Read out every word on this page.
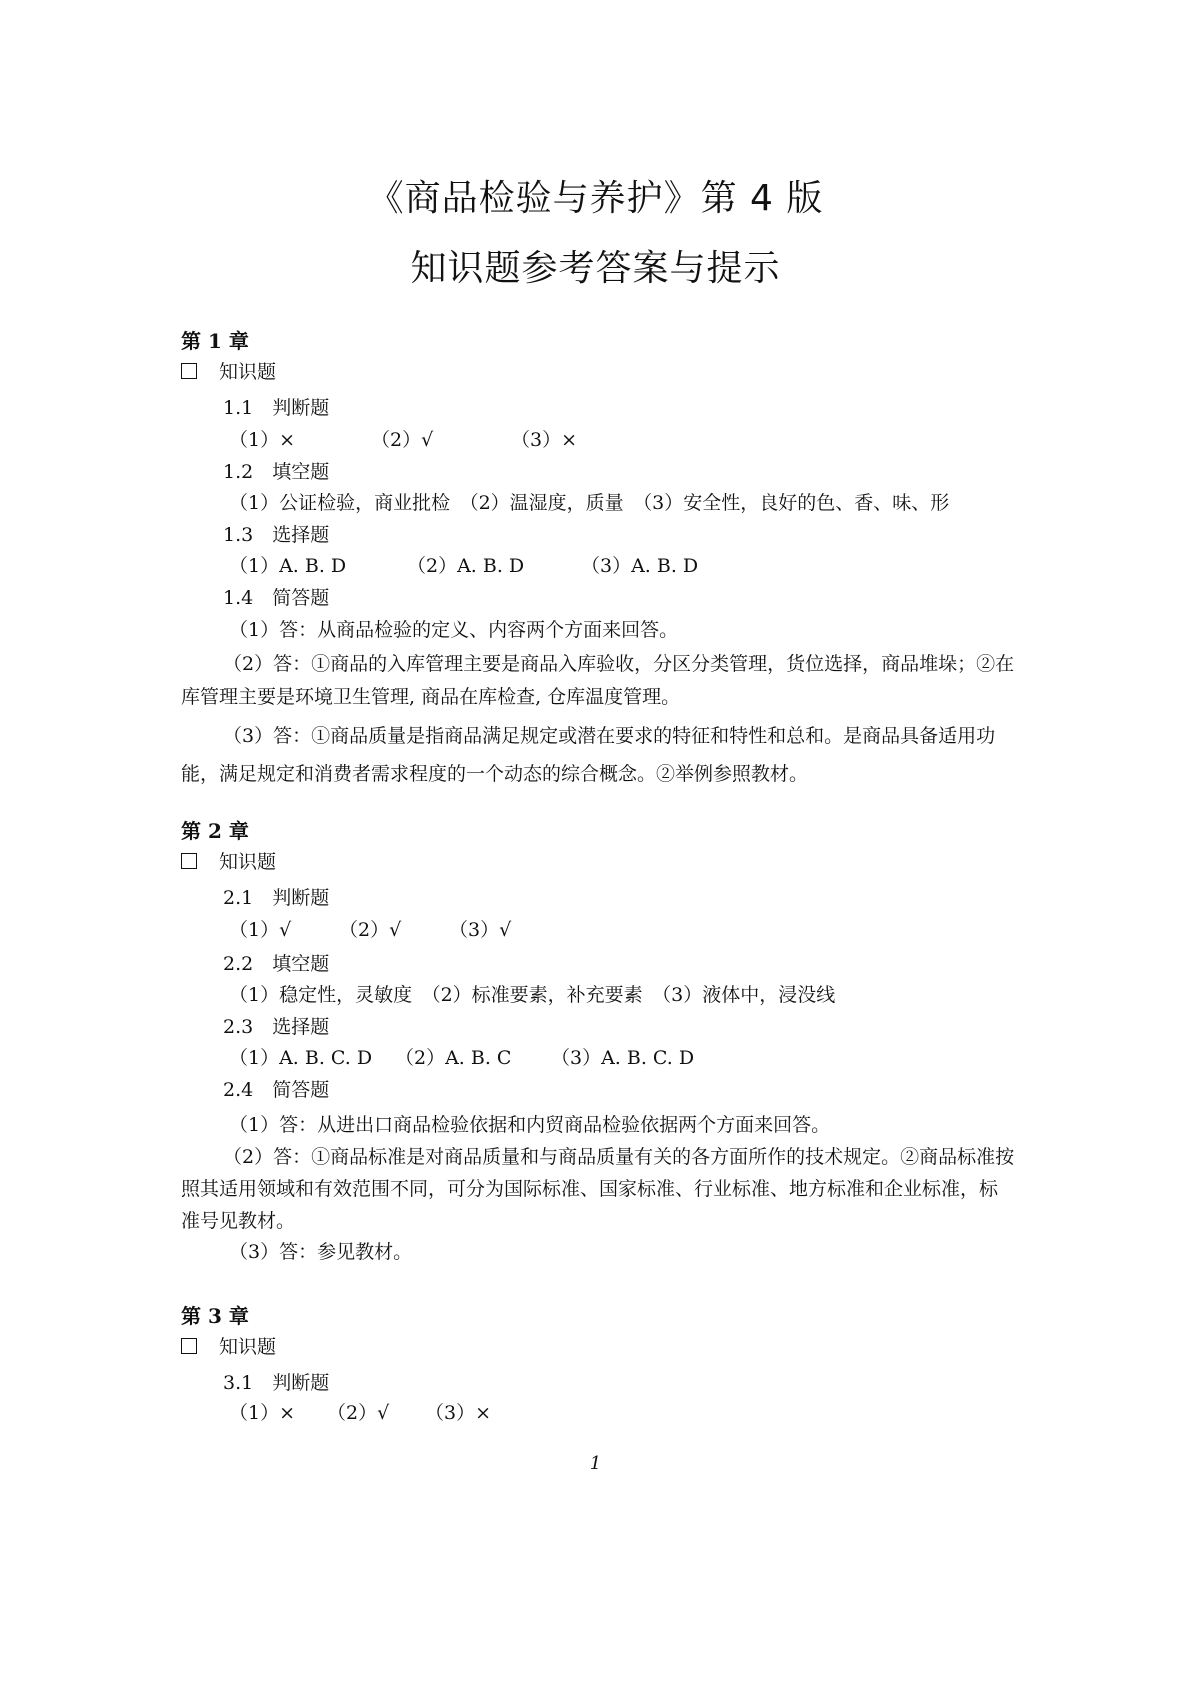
《商品检验与养护》第 4 版
知识题参考答案与提示
第 1 章
知识题
1.1　判断题
（1）×	（2）√	（3）×
1.2　填空题
（1）公证检验，商业批检　（2）温湿度，质量　（3）安全性，良好的色、香、味、形
1.3　选择题
（1）A. B. D	（2）A. B. D	（3）A. B. D
1.4　简答题
（1）答：从商品检验的定义、内容两个方面来回答。
（2）答：①商品的入库管理主要是商品入库验收，分区分类管理，货位选择，商品堆垛；②在库管理主要是环境卫生管理, 商品在库检查, 仓库温度管理。
（3）答：①商品质量是指商品满足规定或潜在要求的特征和特性和总和。是商品具备适用功能，满足规定和消费者需求程度的一个动态的综合概念。②举例参照教材。
第 2 章
知识题
2.1　判断题
（1）√	（2）√	（3）√
2.2　填空题
（1）稳定性，灵敏度　（2）标准要素，补充要素　（3）液体中，浸没线
2.3　选择题
（1）A. B. C. D （2）A. B. C （3）A. B. C. D
2.4　简答题
（1）答：从进出口商品检验依据和内贸商品检验依据两个方面来回答。
（2）答：①商品标准是对商品质量和与商品质量有关的各方面所作的技术规定。②商品标准按照其适用领域和有效范围不同，可分为国际标准、国家标准、行业标准、地方标准和企业标准，标准号见教材。
（3）答：参见教材。
第 3 章
知识题
3.1　判断题
（1）× （2）√ （3）×
1
